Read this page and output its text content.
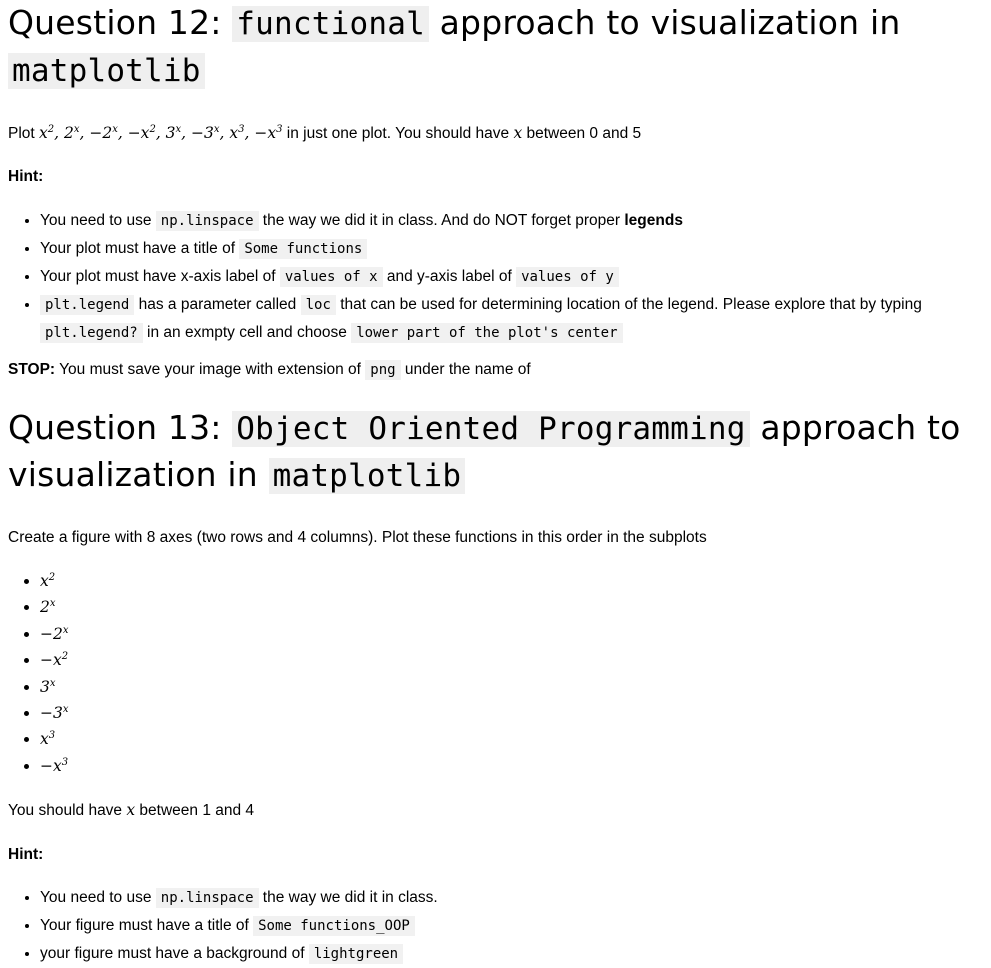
Question 12: functional approach to visualization in
matplotlib

Plot $x^2$, $2^x$, $-2^x$, $-x^2$, $3^x$, $-3^x$, $x^3$, $-x^3$ in just one plot. You should have x between 0 and 5

Hint:

• You need to use np.linspace the way we did it in class. And do NOT forget proper legends
• Your plot must have a title of Some functions
• Your plot must have x-axis label of values of x and y-axis label of values of y
• plt.legend has a parameter called loc that can be used for determining location of the legend. Please explore that by typing
plt.legend? in an exmpty cell and choose lower part of the plot's center

STOP: You must save your image with extension of png under the name of

Question 13: Object Oriented Programming approach to
visualization in matplotlib

Create a figure with 8 axes (two rows and 4 columns). Plot these functions in this order in the subplots

• $x^2$
• 2$^x$
• $-2^x$
• $-x^2$
• 3$^x$
• $-3^x$
• $x^3$
• $-x^3$

You should have x between 1 and 4

Hint:

• You need to use np.linspace the way we did it in class.
• Your figure must have a title of Some functions_OOP
• your figure must have a background of lightgreen
